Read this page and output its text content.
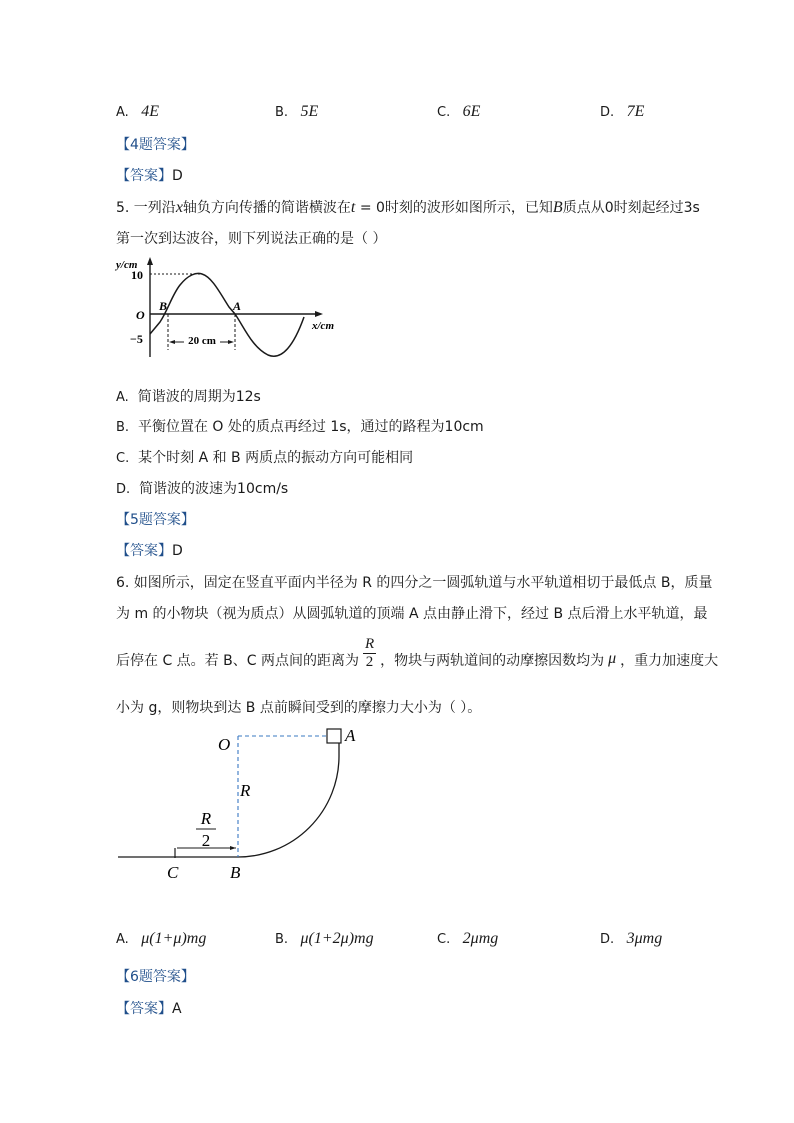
A. 4E	B. 5E	C. 6E	D. 7E
【4题答案】
【答案】D
5. 一列沿x轴负方向传播的简谐横波在t = 0时刻的波形如图所示，已知B质点从0时刻起经过3s
第一次到达波谷，则下列说法正确的是（ ）
20 cm
y/cm
10
O
−5
B	A
x/cm
A. 简谐波的周期为12s
B. 平衡位置在 O 处的质点再经过 1s，通过的路程为10cm
C. 某个时刻 A 和 B 两质点的振动方向可能相同
D. 简谐波的波速为10cm/s
【5题答案】
【答案】D
6. 如图所示，固定在竖直平面内半径为 R 的四分之一圆弧轨道与水平轨道相切于最低点 B，质量
为 m 的小物块（视为质点）从圆弧轨道的顶端 A 点由静止滑下，经过 B 点后滑上水平轨道，最
后停在 C 点。若 B、C 两点间的距离为 $\frac{R}{2}$ ，物块与两轨道间的动摩擦因数均为 μ ，重力加速度大
小为 g，则物块到达 B 点前瞬间受到的摩擦力大小为（ ）。
O	A
R
R
2
C	B
A. μ(1+μ)mg	B. μ(1+2μ)mg	C. 2μmg	D. 3μmg
【6题答案】
【答案】A
